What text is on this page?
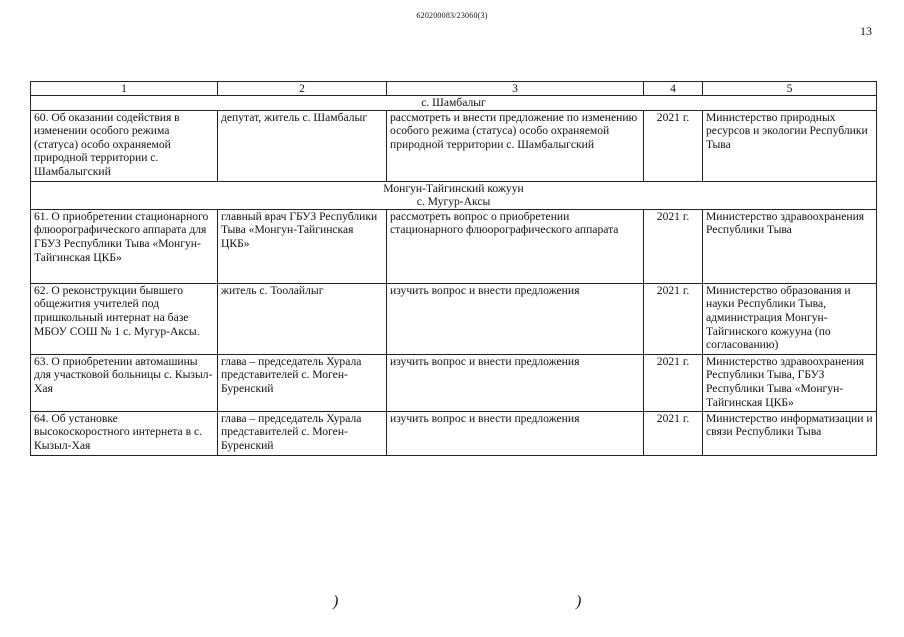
620200083/23060(3)
13
1	2	3	4	5

с. Шамбалыг				

60. Об оказании содействия в изменении особого режима (статуса) особо охраняемой природной территории с. Шамбалыгский	депутат, житель с. Шамбалыг	рассмотреть и внести предложение по изменению особого режима (статуса) особо охраняемой природной территории с. Шамбалыгский	2021 г.	Министерство природных ресурсов и экологии Республики Тыва

Монгун-Тайгинский кожуун
с. Мугур-Аксы				

61. О приобретении стационарного флюорографического аппарата для ГБУЗ Республики Тыва «Монгун-Тайгинская ЦКБ»	главный врач ГБУЗ Республики Тыва «Монгун-Тайгинская ЦКБ»	рассмотреть вопрос о приобретении стационарного флюорографического аппарата	2021 г.	Министерство здравоохранения Республики Тыва
62. О реконструкции бывшего общежития учителей под пришкольный интернат на базе МБОУ СОШ № 1 с. Мугур-Аксы.	житель с. Тоолайлыг	изучить вопрос и внести предложения	2021 г.	Министерство образования и науки Республики Тыва, администрация Монгун-Тайгинского кожууна (по согласованию)
63. О приобретении автомашины для участковой больницы с. Кызыл-Хая	глава – председатель Хурала представителей с. Моген-Буренский	изучить вопрос и внести предложения	2021 г.	Министерство здравоохранения Республики Тыва, ГБУЗ Республики Тыва «Монгун-Тайгинская ЦКБ»
64. Об установке высокоскоростного интернета в с. Кызыл-Хая	глава – председатель Хурала представителей с. Моген-Буренский	изучить вопрос и внести предложения	2021 г.	Министерство информатизации и связи Республики Тыва
)	)
